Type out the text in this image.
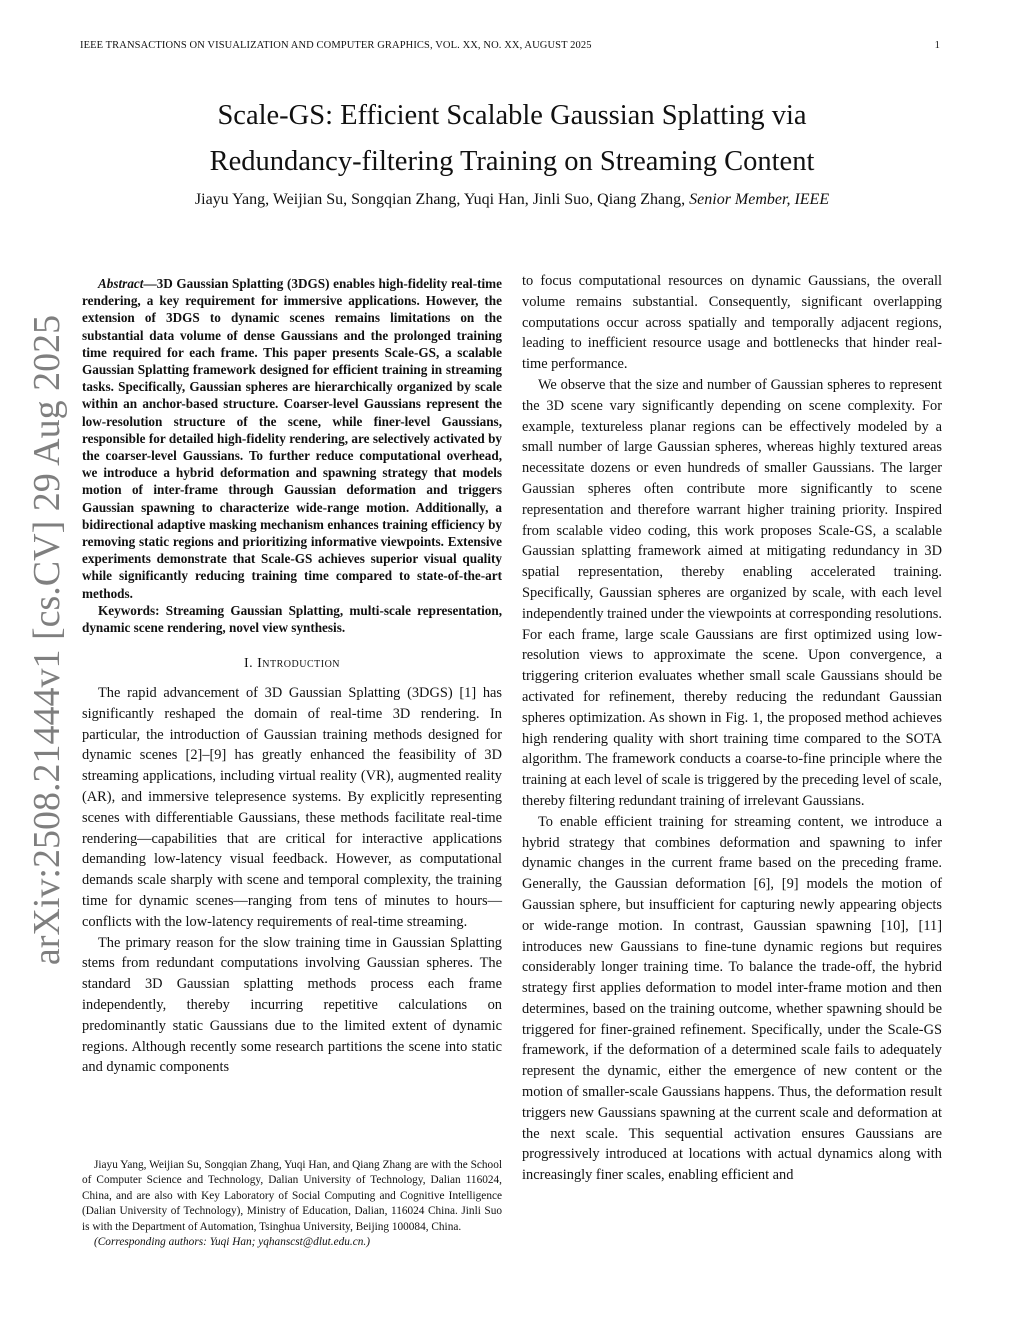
IEEE TRANSACTIONS ON VISUALIZATION AND COMPUTER GRAPHICS, VOL. XX, NO. XX, AUGUST 2025	1
arXiv:2508.21444v1 [cs.CV] 29 Aug 2025
Scale-GS: Efficient Scalable Gaussian Splatting via
Redundancy-filtering Training on Streaming Content
Jiayu Yang, Weijian Su, Songqian Zhang, Yuqi Han, Jinli Suo, Qiang Zhang, Senior Member, IEEE

Abstract—3D Gaussian Splatting (3DGS) enables high-fidelity real-time rendering, a key requirement for immersive applications. However, the extension of 3DGS to dynamic scenes remains limitations on the substantial data volume of dense Gaussians and the prolonged training time required for each frame. This paper presents Scale-GS, a scalable Gaussian Splatting framework designed for efficient training in streaming tasks. Specifically, Gaussian spheres are hierarchically organized by scale within an anchor-based structure. Coarser-level Gaussians represent the low-resolution structure of the scene, while finer-level Gaussians, responsible for detailed high-fidelity rendering, are selectively activated by the coarser-level Gaussians. To further reduce computational overhead, we introduce a hybrid deformation and spawning strategy that models motion of inter-frame through Gaussian deformation and triggers Gaussian spawning to characterize wide-range motion. Additionally, a bidirectional adaptive masking mechanism enhances training efficiency by removing static regions and prioritizing informative viewpoints. Extensive experiments demonstrate that Scale-GS achieves superior visual quality while significantly reducing training time compared to state-of-the-art methods.

Keywords: Streaming Gaussian Splatting, multi-scale representation, dynamic scene rendering, novel view synthesis.

I. Introduction

The rapid advancement of 3D Gaussian Splatting (3DGS) [1] has significantly reshaped the domain of real-time 3D rendering. In particular, the introduction of Gaussian training methods designed for dynamic scenes [2]–[9] has greatly enhanced the feasibility of 3D streaming applications, including virtual reality (VR), augmented reality (AR), and immersive telepresence systems. By explicitly representing scenes with differentiable Gaussians, these methods facilitate real-time rendering—capabilities that are critical for interactive applications demanding low-latency visual feedback. However, as computational demands scale sharply with scene and temporal complexity, the training time for dynamic scenes—ranging from tens of minutes to hours—conflicts with the low-latency requirements of real-time streaming.

The primary reason for the slow training time in Gaussian Splatting stems from redundant computations involving Gaussian spheres. The standard 3D Gaussian splatting methods process each frame independently, thereby incurring repetitive calculations on predominantly static Gaussians due to the limited extent of dynamic regions. Although recently some research partitions the scene into static and dynamic components

Jiayu Yang, Weijian Su, Songqian Zhang, Yuqi Han, and Qiang Zhang are with the School of Computer Science and Technology, Dalian University of Technology, Dalian 116024, China, and are also with Key Laboratory of Social Computing and Cognitive Intelligence (Dalian University of Technology), Ministry of Education, Dalian, 116024 China. Jinli Suo is with the Department of Automation, Tsinghua University, Beijing 100084, China.

(Corresponding authors: Yuqi Han; yqhanscst@dlut.edu.cn.)

to focus computational resources on dynamic Gaussians, the overall volume remains substantial. Consequently, significant overlapping computations occur across spatially and temporally adjacent regions, leading to inefficient resource usage and bottlenecks that hinder real-time performance.

We observe that the size and number of Gaussian spheres to represent the 3D scene vary significantly depending on scene complexity. For example, textureless planar regions can be effectively modeled by a small number of large Gaussian spheres, whereas highly textured areas necessitate dozens or even hundreds of smaller Gaussians. The larger Gaussian spheres often contribute more significantly to scene representation and therefore warrant higher training priority. Inspired from scalable video coding, this work proposes Scale-GS, a scalable Gaussian splatting framework aimed at mitigating redundancy in 3D spatial representation, thereby enabling accelerated training. Specifically, Gaussian spheres are organized by scale, with each level independently trained under the viewpoints at corresponding resolutions. For each frame, large scale Gaussians are first optimized using low-resolution views to approximate the scene. Upon convergence, a triggering criterion evaluates whether small scale Gaussians should be activated for refinement, thereby reducing the redundant Gaussian spheres optimization. As shown in Fig. 1, the proposed method achieves high rendering quality with short training time compared to the SOTA algorithm. The framework conducts a coarse-to-fine principle where the training at each level of scale is triggered by the preceding level of scale, thereby filtering redundant training of irrelevant Gaussians.

To enable efficient training for streaming content, we introduce a hybrid strategy that combines deformation and spawning to infer dynamic changes in the current frame based on the preceding frame. Generally, the Gaussian deformation [6], [9] models the motion of Gaussian sphere, but insufficient for capturing newly appearing objects or wide-range motion. In contrast, Gaussian spawning [10], [11] introduces new Gaussians to fine-tune dynamic regions but requires considerably longer training time. To balance the trade-off, the hybrid strategy first applies deformation to model inter-frame motion and then determines, based on the training outcome, whether spawning should be triggered for finer-grained refinement. Specifically, under the Scale-GS framework, if the deformation of a determined scale fails to adequately represent the dynamic, either the emergence of new content or the motion of smaller-scale Gaussians happens. Thus, the deformation result triggers new Gaussians spawning at the current scale and deformation at the next scale. This sequential activation ensures Gaussians are progressively introduced at locations with actual dynamics along with increasingly finer scales, enabling efficient and
